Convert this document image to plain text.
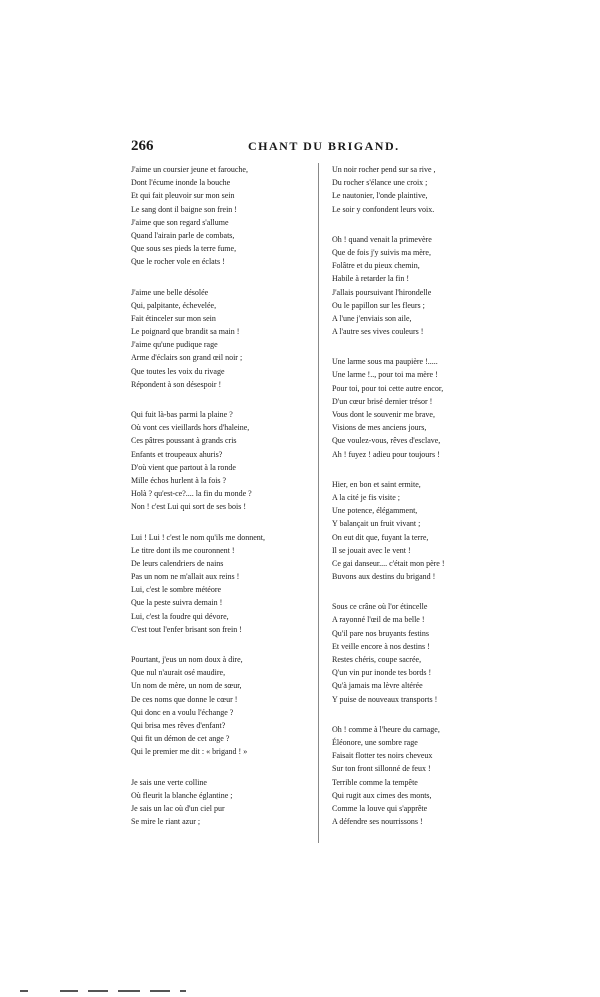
266	CHANT DU BRIGAND.
J'aime un coursier jeune et farouche,
Dont l'écume inonde la bouche
Et qui fait pleuvoir sur mon sein
Le sang dont il baigne son frein !
J'aime que son regard s'allume
Quand l'airain parle de combats,
Que sous ses pieds la terre fume,
Que le rocher vole en éclats !
J'aime une belle désolée
Qui, palpitante, échevelée,
Fait étinceler sur mon sein
Le poignard que brandit sa main !
J'aime qu'une pudique rage
Arme d'éclairs son grand œil noir ;
Que toutes les voix du rivage
Répondent à son désespoir !
Qui fuit là-bas parmi la plaine ?
Où vont ces vieillards hors d'haleine,
Ces pâtres poussant à grands cris
Enfants et troupeaux ahuris?
D'où vient que partout à la ronde
Mille échos hurlent à la fois ?
Holà ? qu'est-ce?.... la fin du monde ?
Non ! c'est Lui qui sort de ses bois !
Lui ! Lui ! c'est le nom qu'ils me donnent,
Le titre dont ils me couronnent !
De leurs calendriers de nains
Pas un nom ne m'allait aux reins !
Lui, c'est le sombre météore
Que la peste suivra demain !
Lui, c'est la foudre qui dévore,
C'est tout l'enfer brisant son frein !
Pourtant, j'eus un nom doux à dire,
Que nul n'aurait osé maudire,
Un nom de mère, un nom de sœur,
De ces noms que donne le cœur !
Qui donc en a voulu l'échange ?
Qui brisa mes rêves d'enfant?
Qui fit un démon de cet ange ?
Qui le premier me dit : « brigand ! »
Je sais une verte colline
Où fleurit la blanche églantine ;
Je sais un lac où d'un ciel pur
Se mire le riant azur ;
Un noir rocher pend sur sa rive ,
Du rocher s'élance une croix ;
Le nautonier, l'onde plaintive,
Le soir y confondent leurs voix.
Oh ! quand venait la primevère
Que de fois j'y suivis ma mère,
Folâtre et du pieux chemin,
Habile à retarder la fin !
J'allais poursuivant l'hirondelle
Ou le papillon sur les fleurs ;
A l'une j'enviais son aile,
A l'autre ses vives couleurs !
Une larme sous ma paupière !.....
Une larme !.., pour toi ma mère !
Pour toi, pour toi cette autre encor,
D'un cœur brisé dernier trésor !
Vous dont le souvenir me brave,
Visions de mes anciens jours,
Que voulez-vous, rêves d'esclave,
Ah ! fuyez ! adieu pour toujours !
Hier, en bon et saint ermite,
A la cité je fis visite ;
Une potence, élégamment,
Y balançait un fruit vivant ;
On eut dit que, fuyant la terre,
Il se jouait avec le vent !
Ce gai danseur.... c'était mon père !
Buvons aux destins du brigand !
Sous ce crâne où l'or étincelle
A rayonné l'œil de ma belle !
Qu'il pare nos bruyants festins
Et veille encore à nos destins !
Restes chéris, coupe sacrée,
Q'un vin pur inonde tes bords !
Qu'à jamais ma lèvre altérée
Y puise de nouveaux transports !
Oh ! comme à l'heure du carnage,
Éléonore, une sombre rage
Faisait flotter tes noirs cheveux
Sur ton front sillonné de feux !
Terrible comme la tempête
Qui rugit aux cimes des monts,
Comme la louve qui s'apprête
A défendre ses nourrissons !
